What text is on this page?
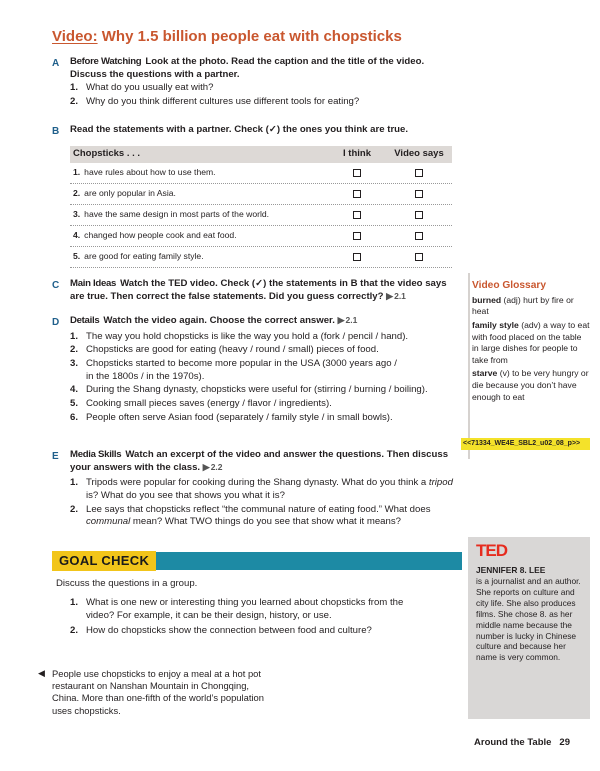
Video: Why 1.5 billion people eat with chopsticks
A Before Watching Look at the photo. Read the caption and the title of the video. Discuss the questions with a partner.
1. What do you usually eat with?
2. Why do you think different cultures use different tools for eating?
B Read the statements with a partner. Check (✓) the ones you think are true.
Chopsticks . . .	I think	Video says
1. have rules about how to use them.
2. are only popular in Asia.
3. have the same design in most parts of the world.
4. changed how people cook and eat food.
5. are good for eating family style.
C Main Ideas Watch the TED video. Check (✓) the statements in B that the video says are true. Then correct the false statements. Did you guess correctly? ▶2.1
D Details Watch the video again. Choose the correct answer. ▶2.1
1. The way you hold chopsticks is like the way you hold a (fork / pencil / hand).
2. Chopsticks are good for eating (heavy / round / small) pieces of food.
3. Chopsticks started to become more popular in the USA (3000 years ago / in the 1800s / in the 1970s).
4. During the Shang dynasty, chopsticks were useful for (stirring / burning / boiling).
5. Cooking small pieces saves (energy / flavor / ingredients).
6. People often serve Asian food (separately / family style / in small bowls).
E Media Skills Watch an excerpt of the video and answer the questions. Then discuss your answers with the class. ▶2.2
1. Tripods were popular for cooking during the Shang dynasty. What do you think a tripod is? What do you see that shows you what it is?
2. Lee says that chopsticks reflect “the communal nature of eating food.” What does communal mean? What TWO things do you see that show what it means?
Video Glossary
burned (adj) hurt by fire or heat
family style (adv) a way to eat with food placed on the table in large dishes for people to take from
starve (v) to be very hungry or die because you don’t have enough to eat
<<71334_WE4E_SBL2_u02_08_p>>
GOAL CHECK
Discuss the questions in a group.
1. What is one new or interesting thing you learned about chopsticks from the video? For example, it can be their design, history, or use.
2. How do chopsticks show the connection between food and culture?
TED
JENNIFER 8. LEE
is a journalist and an author. She reports on culture and city life. She also produces films. She chose 8. as her middle name because the number is lucky in Chinese culture and because her name is very common.
◀ People use chopsticks to enjoy a meal at a hot pot restaurant on Nanshan Mountain in Chongqing, China. More than one-fifth of the world’s population uses chopsticks.
Around the Table 29
